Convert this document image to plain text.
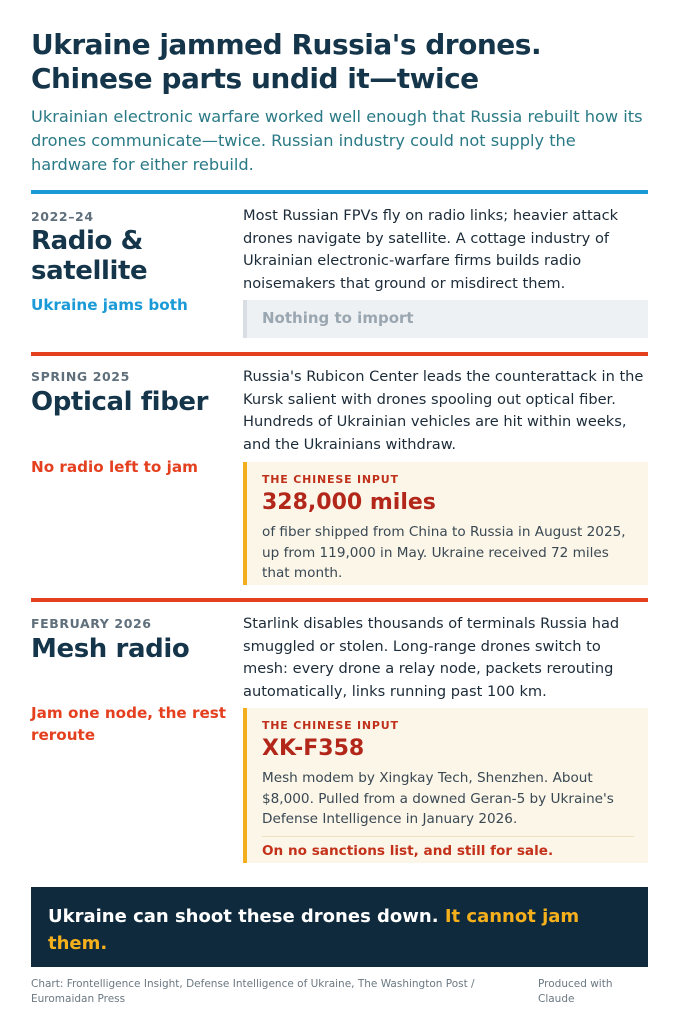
Ukraine jammed Russia's drones. Chinese parts undid it—twice

Ukrainian electronic warfare worked well enough that Russia rebuilt how its drones communicate—twice. Russian industry could not supply the hardware for either rebuild.

2022–24
Radio & satellite
Ukraine jams both
Most Russian FPVs fly on radio links; heavier attack drones navigate by satellite. A cottage industry of Ukrainian electronic-warfare firms builds radio noisemakers that ground or misdirect them.
Nothing to import
SPRING 2025
Optical fiber
No radio left to jam
Russia's Rubicon Center leads the counterattack in the Kursk salient with drones spooling out optical fiber. Hundreds of Ukrainian vehicles are hit within weeks, and the Ukrainians withdraw.
THE CHINESE INPUT
328,000 miles
of fiber shipped from China to Russia in August 2025, up from 119,000 in May. Ukraine received 72 miles that month.
FEBRUARY 2026
Mesh radio
Jam one node, the rest reroute
Starlink disables thousands of terminals Russia had smuggled or stolen. Long-range drones switch to mesh: every drone a relay node, packets rerouting automatically, links running past 100 km.
THE CHINESE INPUT
XK-F358
Mesh modem by Xingkay Tech, Shenzhen. About $8,000. Pulled from a downed Geran-5 by Ukraine's Defense Intelligence in January 2026.
On no sanctions list, and still for sale.
Ukraine can shoot these drones down. It cannot jam them.
Chart: Frontelligence Insight, Defense Intelligence of Ukraine, The Washington Post / Euromaidan Press
Produced with Claude
